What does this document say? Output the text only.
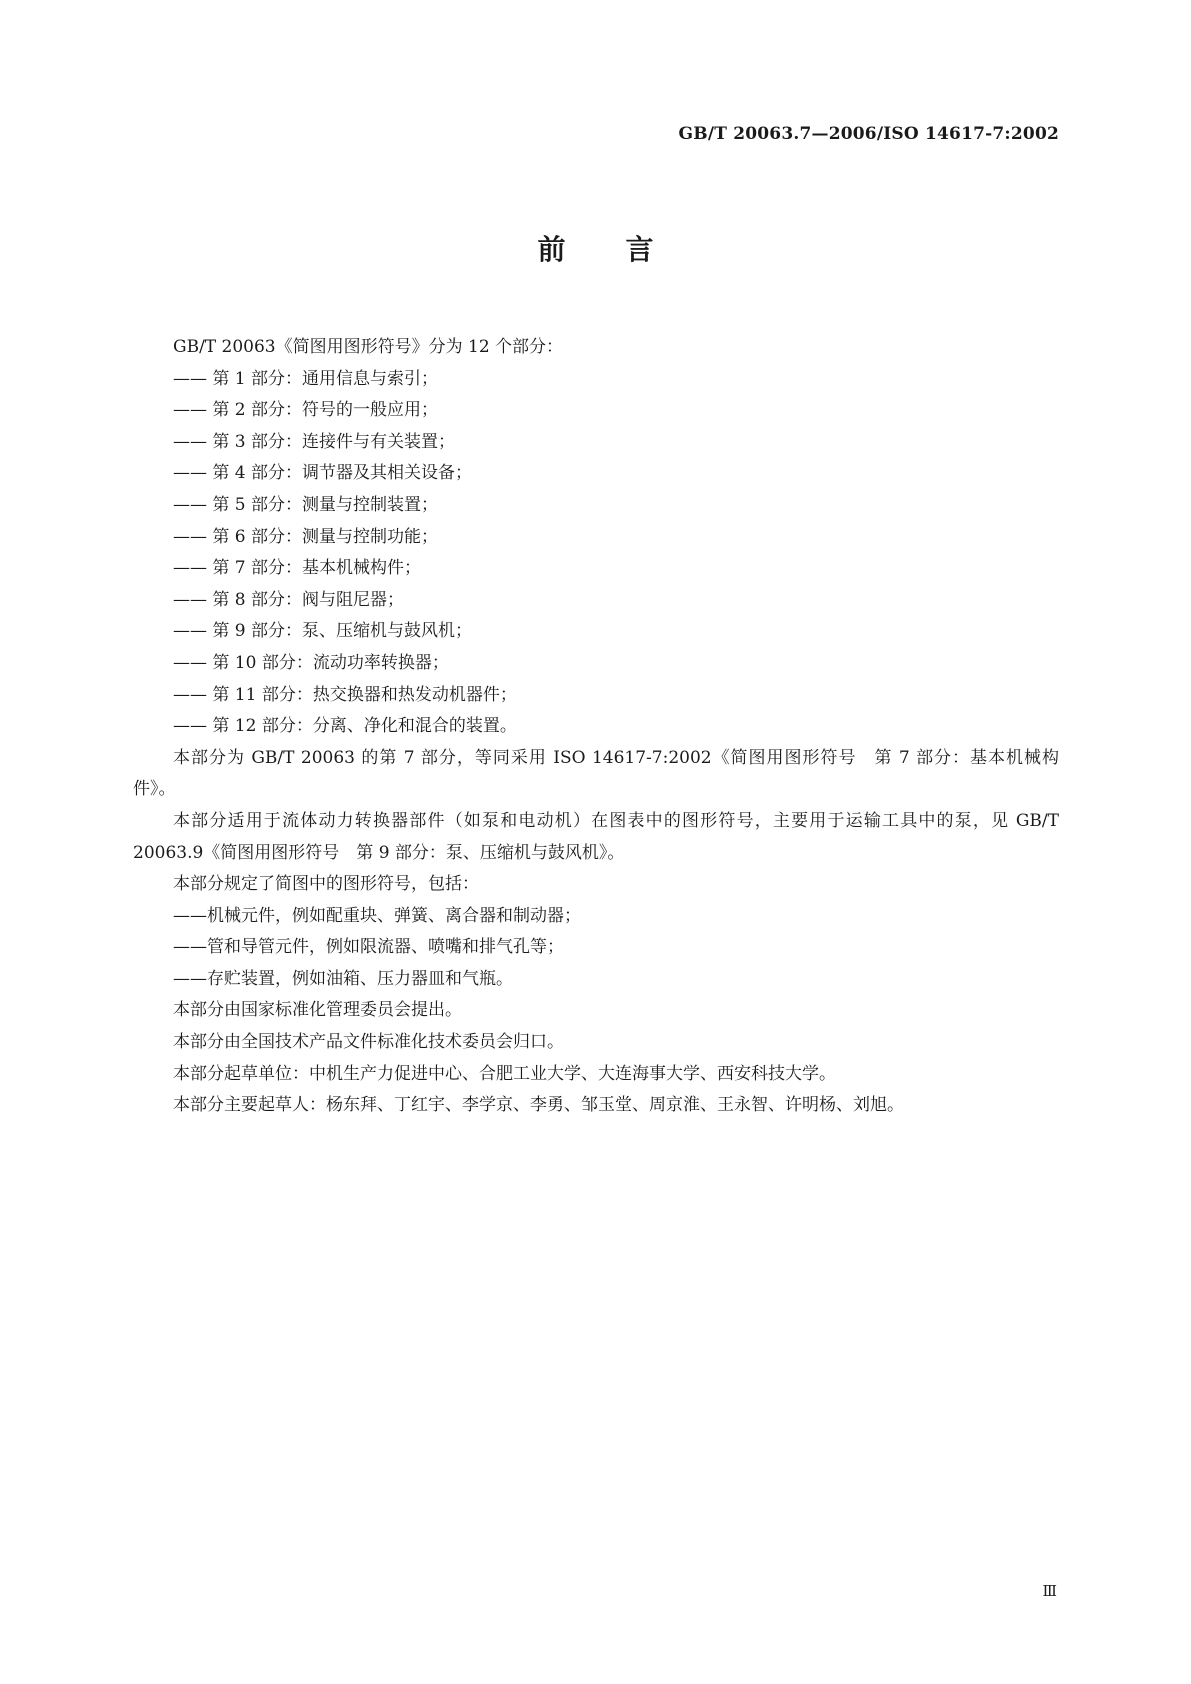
GB/T 20063.7—2006/ISO 14617-7:2002
前 言

GB/T 20063《简图用图形符号》分为 12 个部分：

—— 第 1 部分：通用信息与索引；

—— 第 2 部分：符号的一般应用；

—— 第 3 部分：连接件与有关装置；

—— 第 4 部分：调节器及其相关设备；

—— 第 5 部分：测量与控制装置；

—— 第 6 部分：测量与控制功能；

—— 第 7 部分：基本机械构件；

—— 第 8 部分：阀与阻尼器；

—— 第 9 部分：泵、压缩机与鼓风机；

—— 第 10 部分：流动功率转换器；

—— 第 11 部分：热交换器和热发动机器件；

—— 第 12 部分：分离、净化和混合的装置。

本部分为 GB/T 20063 的第 7 部分，等同采用 ISO 14617-7:2002《简图用图形符号　第 7 部分：基本机械构件》。

本部分适用于流体动力转换器部件（如泵和电动机）在图表中的图形符号，主要用于运输工具中的泵，见 GB/T 20063.9《简图用图形符号　第 9 部分：泵、压缩机与鼓风机》。

本部分规定了简图中的图形符号，包括：

——机械元件，例如配重块、弹簧、离合器和制动器；

——管和导管元件，例如限流器、喷嘴和排气孔等；

——存贮装置，例如油箱、压力器皿和气瓶。

本部分由国家标准化管理委员会提出。

本部分由全国技术产品文件标准化技术委员会归口。

本部分起草单位：中机生产力促进中心、合肥工业大学、大连海事大学、西安科技大学。

本部分主要起草人：杨东拜、丁红宇、李学京、李勇、邹玉堂、周京淮、王永智、许明杨、刘旭。

Ⅲ
